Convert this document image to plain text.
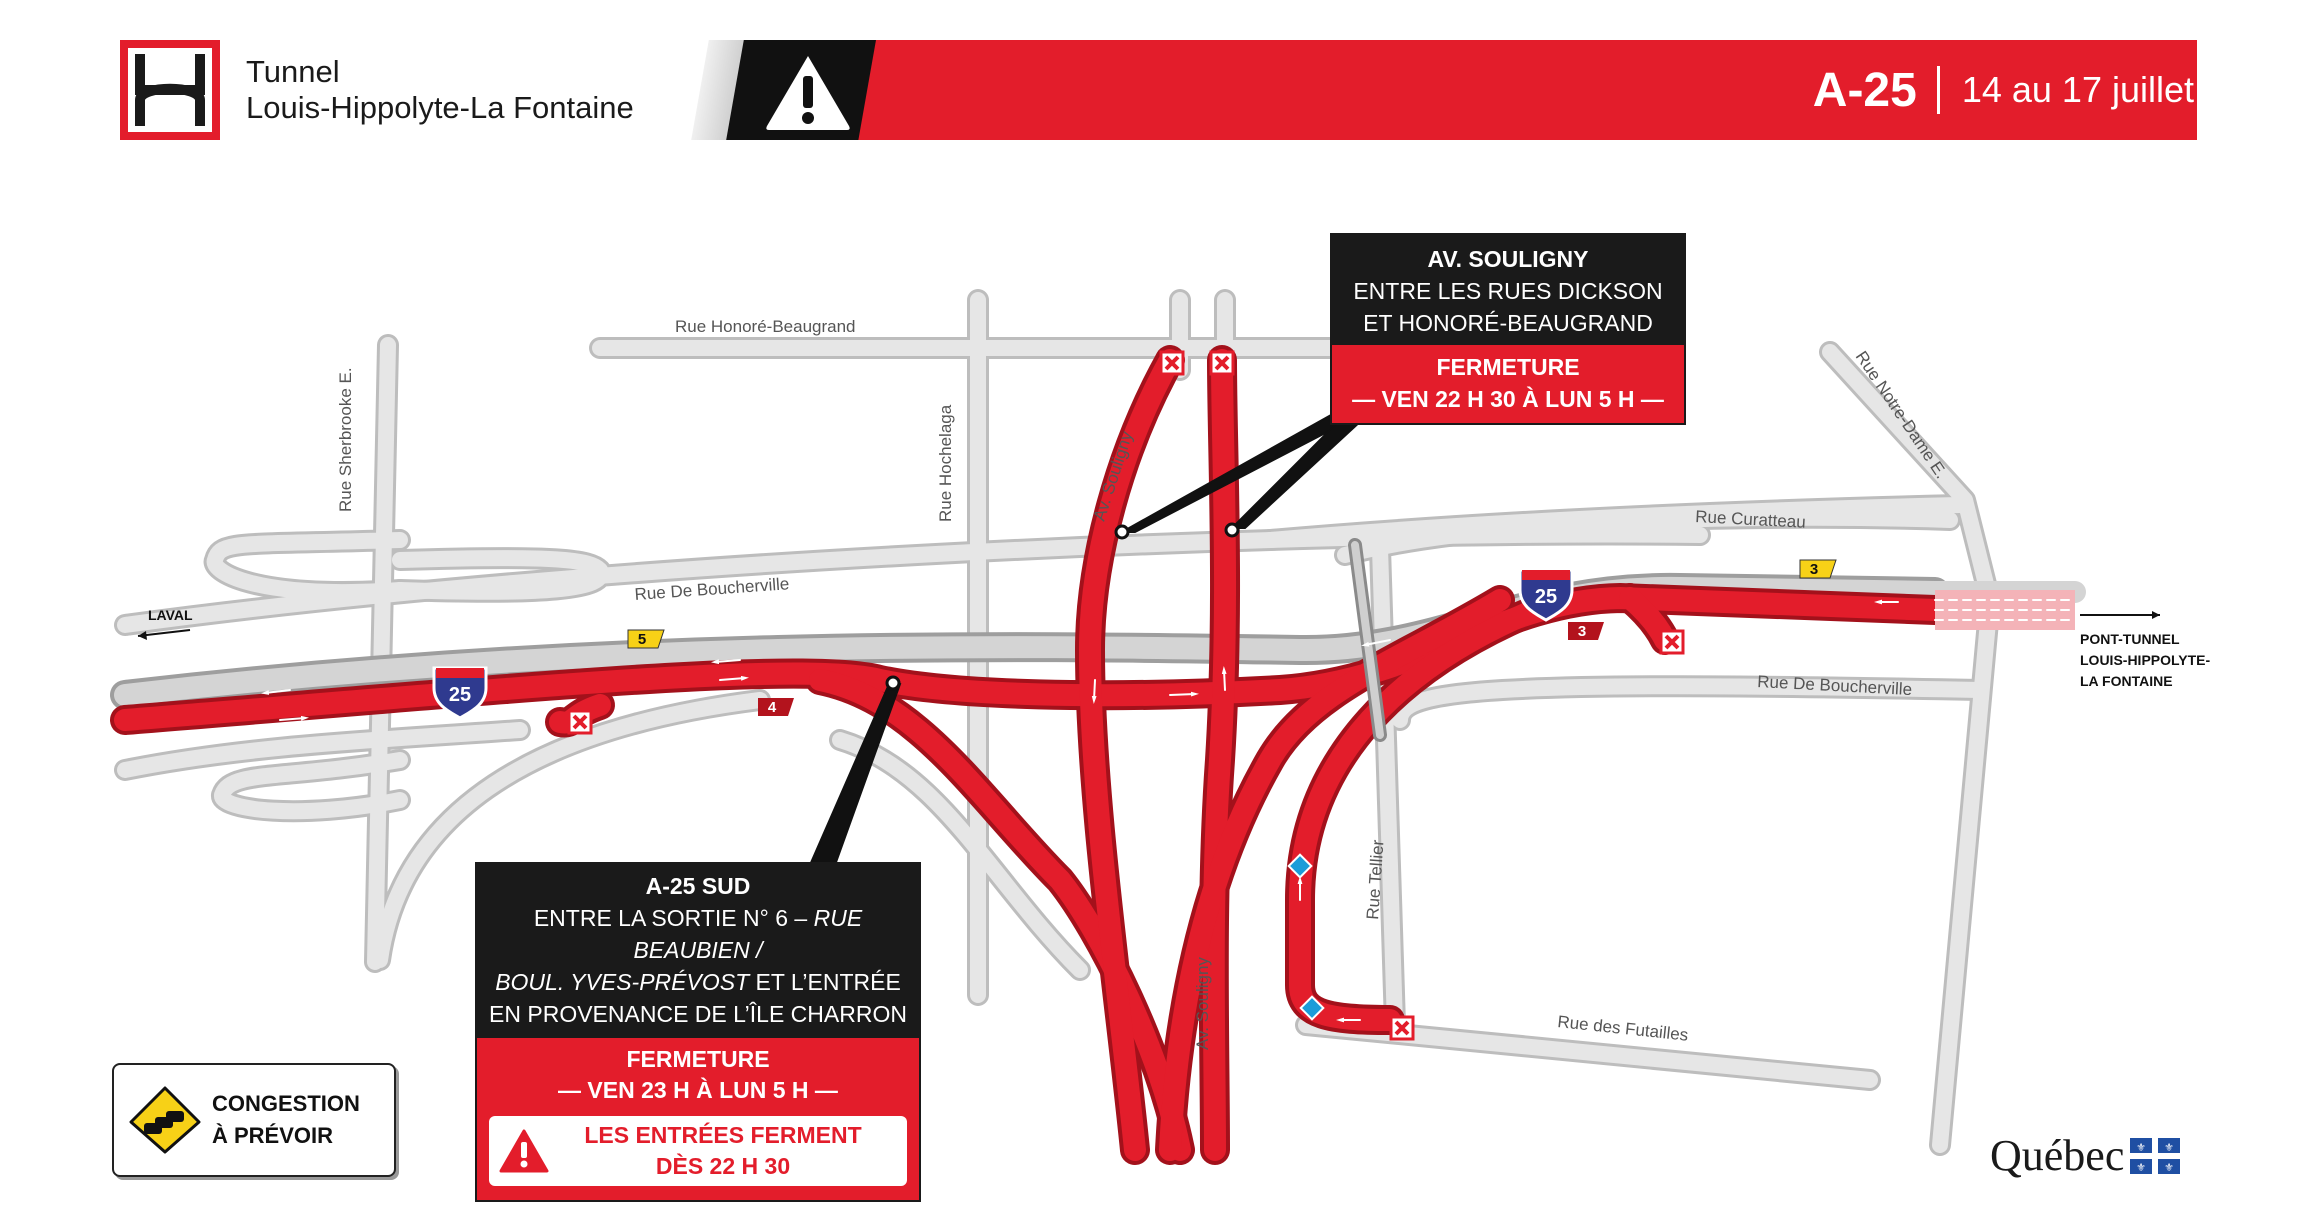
Tunnel
Louis-Hippolyte-La Fontaine	A-25 14 au 17 juillet
25
25
5
4
3
3
Rue Honoré-Beaugrand
Rue Sherbrooke E.	Rue Hochelaga	Av. Souligny
Av. Souligny
Rue Curatteau
Rue Notre-Dame E.
Rue De Boucherville
Rue De Boucherville
Rue Tellier
Rue des Futailles
LAVAL
PONT-TUNNEL
LOUIS-HIPPOLYTE-
LA FONTAINE
AV. SOULIGNY
ENTRE LES RUES DICKSON
ET HONORÉ-BEAUGRAND
FERMETURE
— VEN 22 H 30 À LUN 5 H —
A-25 SUD
ENTRE LA SORTIE N° 6 – RUE BEAUBIEN /
BOUL. YVES-PRÉVOST ET L’ENTRÉE
EN PROVENANCE DE L’ÎLE CHARRON
FERMETURE
— VEN 23 H À LUN 5 H —
LES ENTRÉES FERMENT
DÈS 22 H 30
CONGESTION
À PRÉVOIR	Québec ⚜ ⚜
⚜ ⚜
